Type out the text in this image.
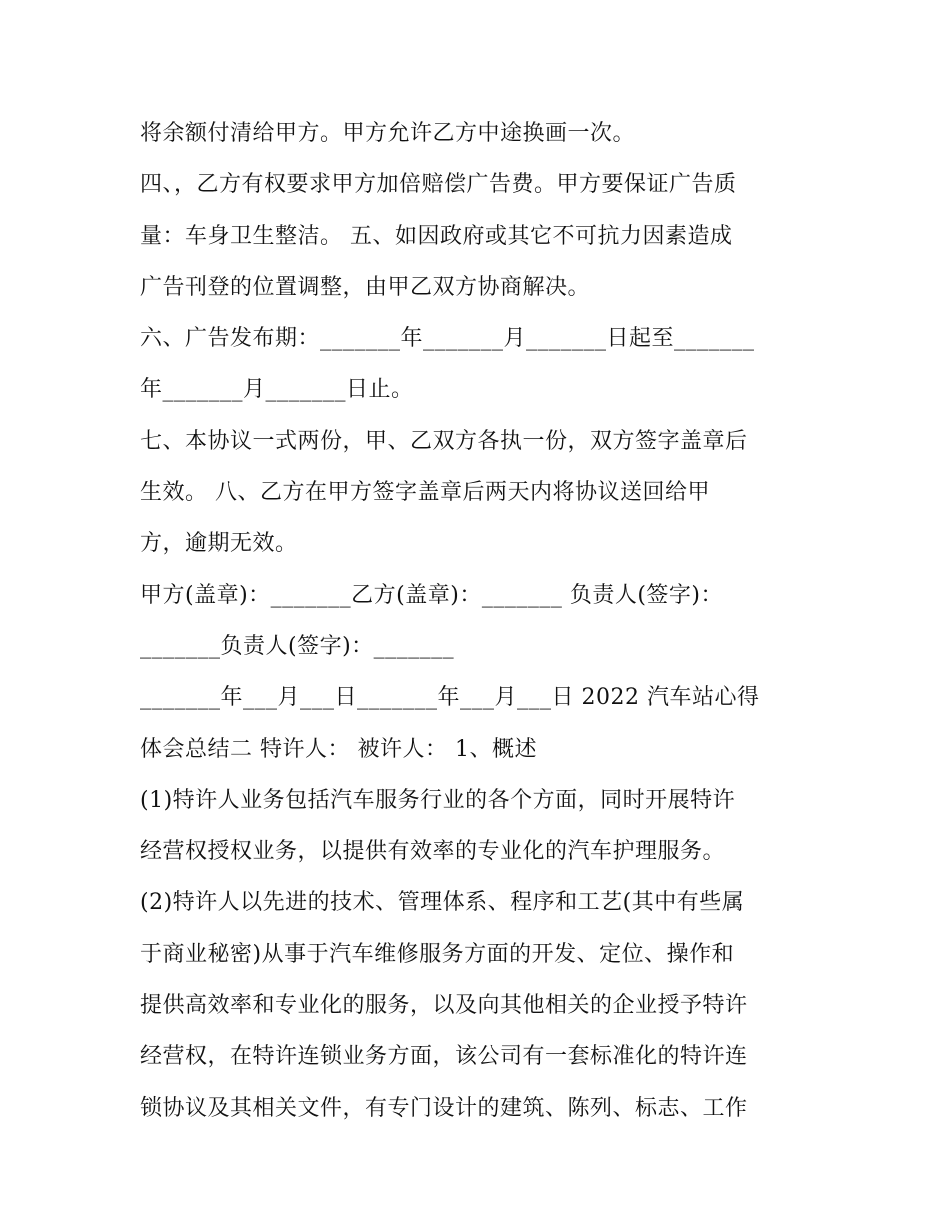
将余额付清给甲方。甲方允许乙方中途换画一次。
四、，乙方有权要求甲方加倍赔偿广告费。甲方要保证广告质
量：车身卫生整洁。 五、如因政府或其它不可抗力因素造成
广告刊登的位置调整，由甲乙双方协商解决。
六、广告发布期：_______年_______月_______日起至_______
年_______月_______日止。
七、本协议一式两份，甲、乙双方各执一份，双方签字盖章后
生效。 八、乙方在甲方签字盖章后两天内将协议送回给甲
方，逾期无效。
甲方(盖章)：_______乙方(盖章)：_______ 负责人(签字)：
_______负责人(签字)：_______
_______年___月___日_______年___月___日 2022 汽车站心得
体会总结二 特许人： 被许人： 1、概述
(1)特许人业务包括汽车服务行业的各个方面，同时开展特许
经营权授权业务，以提供有效率的专业化的汽车护理服务。
(2)特许人以先进的技术、管理体系、程序和工艺(其中有些属
于商业秘密)从事于汽车维修服务方面的开发、定位、操作和
提供高效率和专业化的服务，以及向其他相关的企业授予特许
经营权，在特许连锁业务方面，该公司有一套标准化的特许连
锁协议及其相关文件，有专门设计的建筑、陈列、标志、工作
